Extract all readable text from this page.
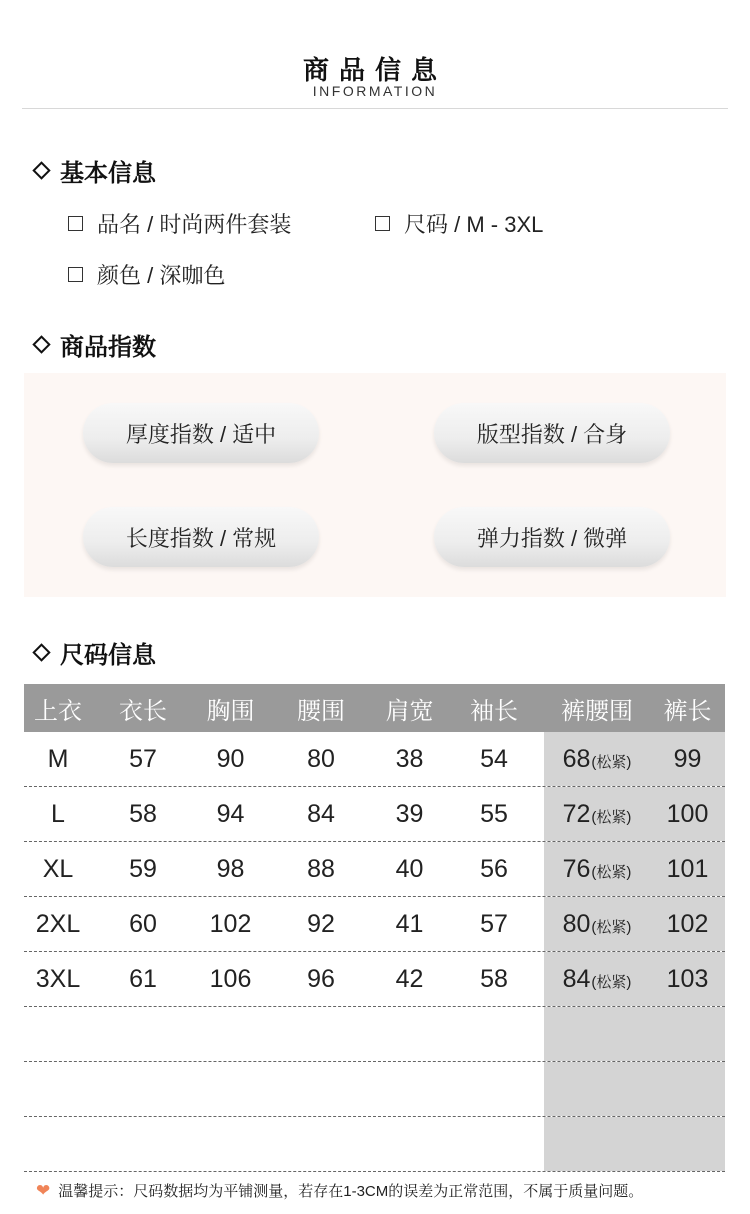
商品信息
INFORMATION
基本信息
品名 / 时尚两件套装	尺码 / M - 3XL
颜色 / 深咖色
商品指数
厚度指数 / 适中	版型指数 / 合身
长度指数 / 常规	弹力指数 / 微弹
尺码信息
上衣	衣长	胸围	腰围	肩宽	袖长	裤腰围	裤长
M	57	90	80	38	54	68 (松紧)	99
L	58	94	84	39	55	72 (松紧)	100
XL	59	98	88	40	56	76 (松紧)	101
2XL	60	102	92	41	57	80 (松紧)	102
3XL	61	106	96	42	58	84 (松紧)	103
❤ 温馨提示：尺码数据均为平铺测量，若存在1-3CM的误差为正常范围，不属于质量问题。
